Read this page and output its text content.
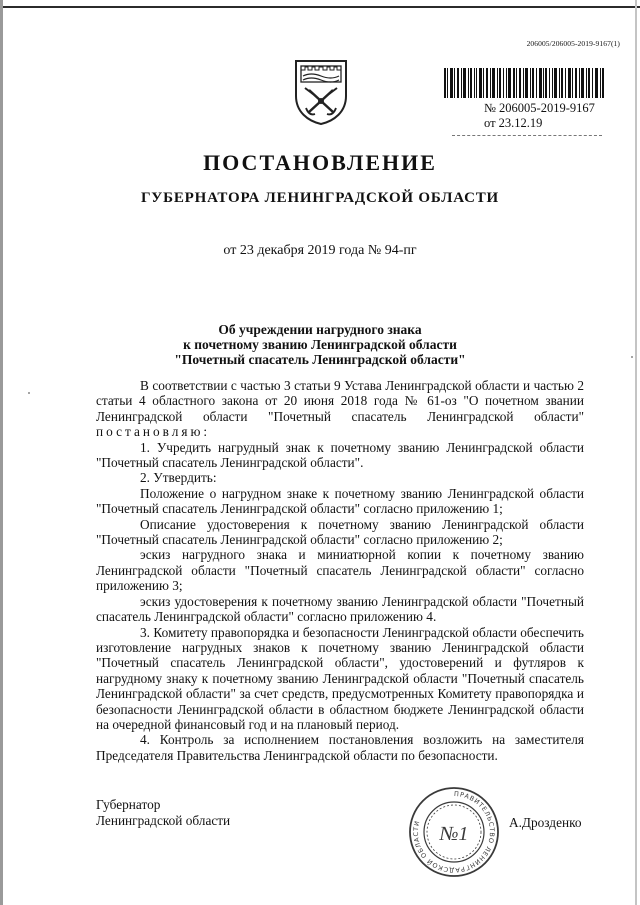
206005/206005-2019-9167(1)
№ 206005-2019-9167
от 23.12.19
ПОСТАНОВЛЕНИЕ
ГУБЕРНАТОРА ЛЕНИНГРАДСКОЙ ОБЛАСТИ
от 23 декабря 2019 года № 94-пг
Об учреждении нагрудного знака
к почетному званию Ленинградской области
"Почетный спасатель Ленинградской области"

В соответствии с частью 3 статьи 9 Устава Ленинградской области и частью 2 статьи 4 областного закона от 20 июня 2018 года № 61-оз "О почетном звании Ленинградской области "Почетный спасатель Ленинградской области" постановляю:

1. Учредить нагрудный знак к почетному званию Ленинградской области "Почетный спасатель Ленинградской области".

2. Утвердить:

Положение о нагрудном знаке к почетному званию Ленинградской области "Почетный спасатель Ленинградской области" согласно приложению 1;

Описание удостоверения к почетному званию Ленинградской области "Почетный спасатель Ленинградской области" согласно приложению 2;

эскиз нагрудного знака и миниатюрной копии к почетному званию Ленинградской области "Почетный спасатель Ленинградской области" согласно приложению 3;

эскиз удостоверения к почетному званию Ленинградской области "Почетный спасатель Ленинградской области" согласно приложению 4.

3. Комитету правопорядка и безопасности Ленинградской области обеспечить изготовление нагрудных знаков к почетному званию Ленинградской области "Почетный спасатель Ленинградской области", удостоверений и футляров к нагрудному знаку к почетному званию Ленинградской области "Почетный спасатель Ленинградской области" за счет средств, предусмотренных Комитету правопорядка и безопасности Ленинградской области в областном бюджете Ленинградской области на очередной финансовый год и на плановый период.

4. Контроль за исполнением постановления возложить на заместителя Председателя Правительства Ленинградской области по безопасности.

Губернатор
Ленинградской области
ПРАВИТЕЛЬСТВО ЛЕНИНГРАДСКОЙ ОБЛАСТИ №1
А.Дрозденко
